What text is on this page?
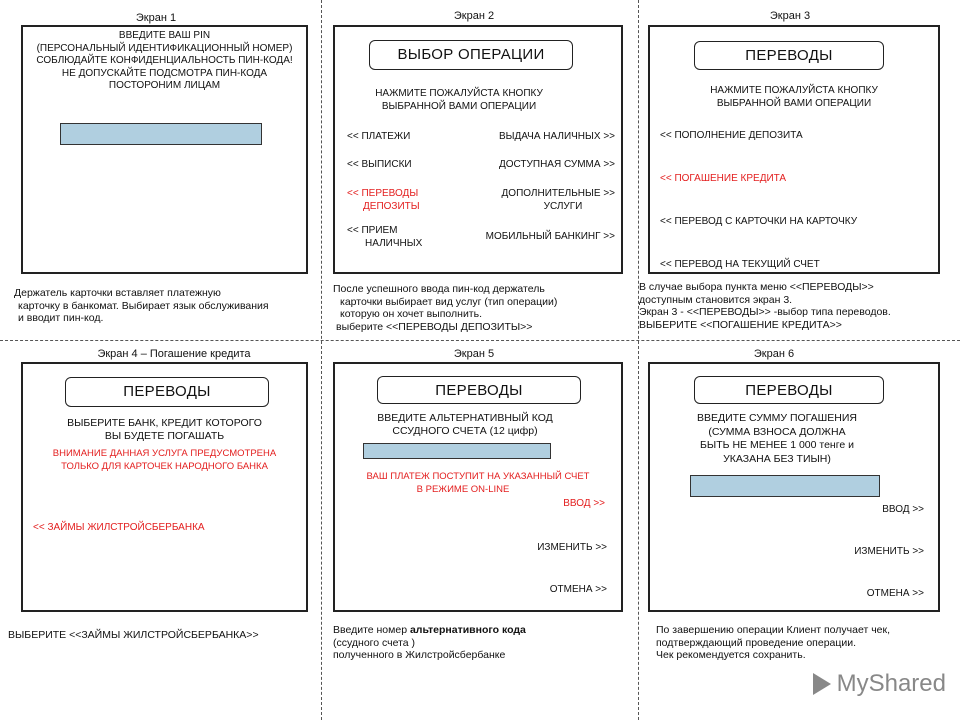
Экран 1
ВВЕДИТЕ ВАШ PIN
(ПЕРСОНАЛЬНЫЙ ИДЕНТИФИКАЦИОННЫЙ НОМЕР)
СОБЛЮДАЙТЕ КОНФИДЕНЦИАЛЬНОСТЬ ПИН-КОДА!
НЕ ДОПУСКАЙТЕ ПОДСМОТРА ПИН-КОДА
ПОСТОРОНИМ ЛИЦАМ
Держатель карточки вставляет платежную
карточку в банкомат. Выбирает язык обслуживания
и вводит пин-код.
Экран 2
ВЫБОР ОПЕРАЦИИ
НАЖМИТЕ ПОЖАЛУЙСТА КНОПКУ
ВЫБРАННОЙ ВАМИ ОПЕРАЦИИ
<< ПЛАТЕЖИ	ВЫДАЧА НАЛИЧНЫХ >>
<< ВЫПИСКИ	ДОСТУПНАЯ СУММА >>
<< ПЕРЕВОДЫ
ДЕПОЗИТЫ
ДОПОЛНИТЕЛЬНЫЕ >>
УСЛУГИ
<< ПРИЕМ
НАЛИЧНЫХ
МОБИЛЬНЫЙ БАНКИНГ >>
После успешного ввода пин-код держатель
карточки выбирает вид услуг (тип операции)
которую он хочет выполнить.
выберите <<ПЕРЕВОДЫ ДЕПОЗИТЫ>>
Экран 3
ПЕРЕВОДЫ
НАЖМИТЕ ПОЖАЛУЙСТА КНОПКУ
ВЫБРАННОЙ ВАМИ ОПЕРАЦИИ
<< ПОПОЛНЕНИЕ ДЕПОЗИТА
<< ПОГАШЕНИЕ КРЕДИТА
<< ПЕРЕВОД С КАРТОЧКИ НА КАРТОЧКУ
<< ПЕРЕВОД НА ТЕКУЩИЙ СЧЕТ
В случае выбора пункта меню <<ПЕРЕВОДЫ>>
доступным становится экран 3.
Экран 3 - <<ПЕРЕВОДЫ>> -выбор типа переводов.
ВЫБЕРИТЕ <<ПОГАШЕНИЕ КРЕДИТА>>
Экран 4 – Погашение кредита
ПЕРЕВОДЫ
ВЫБЕРИТЕ БАНК, КРЕДИТ КОТОРОГО
ВЫ БУДЕТЕ ПОГАШАТЬ
ВНИМАНИЕ ДАННАЯ УСЛУГА ПРЕДУСМОТРЕНА
ТОЛЬКО ДЛЯ КАРТОЧЕК НАРОДНОГО БАНКА
<< ЗАЙМЫ ЖИЛСТРОЙСБЕРБАНКА
ВЫБЕРИТЕ <<ЗАЙМЫ ЖИЛСТРОЙСБЕРБАНКА>>
Экран 5
ПЕРЕВОДЫ
ВВЕДИТЕ АЛЬТЕРНАТИВНЫЙ КОД
ССУДНОГО СЧЕТА (12 цифр)
ВАШ ПЛАТЕЖ ПОСТУПИТ НА УКАЗАННЫЙ СЧЕТ
В РЕЖИМЕ ON-LINE
ВВОД >>
ИЗМЕНИТЬ >>
ОТМЕНА >>
Введите номер альтернативного кода
(ссудного счета )
полученного в Жилстройсбербанке
Экран 6
ПЕРЕВОДЫ
ВВЕДИТЕ СУММУ ПОГАШЕНИЯ
(СУММА ВЗНОСА ДОЛЖНА
БЫТЬ НЕ МЕНЕЕ 1 000 тенге и
УКАЗАНА БЕЗ ТИЫН)
ВВОД >>
ИЗМЕНИТЬ >>
ОТМЕНА >>
По завершению операции Клиент получает чек,
подтверждающий проведение операции.
Чек рекомендуется сохранить.
MyShared
